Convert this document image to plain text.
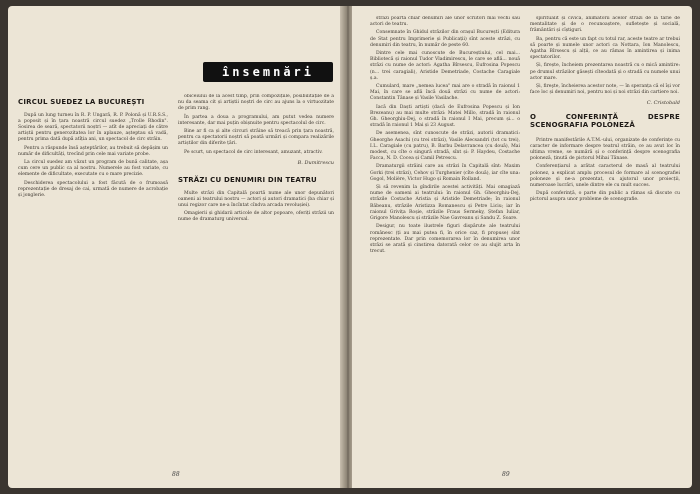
însemnări
CIRCUL SUEDEZ LA BUCUREȘTI

După un lung turneu în R. P. Ungară, R. P. Polonă și U.R.S.S., a poposit și în țara noastră circul suedez „Trolle Rhodin". Sosirea de seară, spectatorii noștri — atît de apreciați de către artiștii pentru generozitatea lor în aplauze, așteptau să vadă, pentru prima dată după atîția ani, un spectacol de circ străin.

Pentru a răspunde însă așteptărilor, au trebuit să depășim un număr de dificultăți, trecînd prin cele mai variate probe.

La circul suedez am văzut un program de bună calitate, așa cum cere un public ca al nostru. Numerele au fost variate, cu elemente de dificultate, executate cu o mare precizie.

Deschiderea spectacolului a fost făcută de o frumoasă reprezentație de dresaj de cai, urmată de numere de acrobație și jonglerie.

obiceiului de la acest timp, prin compozițiile, posibilitățile de a nu da seama cit și artiștii noștri de circ au ajuns la o virtuozitate de prim rang.

În partea a doua a programului, am putut vedea numere interesante, dar mai puțin obișnuite pentru spectacolul de circ.

Bine ar fi ca și alte circuri străine să treacă prin țara noastră, pentru ca spectatorii noștri să poată urmări și compara realizările artiștilor din diferite țări.

Pe scurt, un spectacol de circ interesant, amuzant, atractiv.

B. Dumitrescu
STRĂZI CU DENUMIRI DIN TEATRU

Multe străzi din Capitală poartă nume ale unor depunători oameni ai teatrului nostru — actori și autori dramatici (ba chiar și unui regizor care ne-a încîntat cîndva arcada revolușiei).

Omagierii și ghidarii articole de altor popoare, oferiți străzii un nume de dramaturg universal.

88

străzi poartă chiar denumiri ale unor scriitori mai vechi sau actori de teatru.

Consemnate în Ghidul străzilor din orașul București (Editura de Stat pentru Imprimerie și Publicații) sînt aceste străzi, cu denumiri din teatru, în număr de peste 60.

Dintre cele mai cunoscute de Bucureștiului, cel mai... Bibliotecă și raionul Tudor Vladimirescu, le care se află... nouă străzi cu nume de actori: Agatha Bîrsescu, Eufrosina Popescu (n... trei caragiali), Aristide Demetriade, Costache Caragiale ș.a.

Cumulard, mare „nemea lucea" mai are o stradă în raionul 1 Mai, în care se află încă două străzi cu nume de actori: Constantin Tănase și Vasile Vasilache.

Iacă din Daști artiști (dacă de Eufrosina Popescu și Ion Brezeanu) au mai multe străzi: Matei Millo, stradă în raionul Gh. Gheorghiu-Dej, o stradă în raionul I Mai, precum și... o stradă în raionul 1 Mai și 23 August.

De asemenea, sînt cunoscute de străzi, autorii dramatici: Gheorghe Asachi (cu trei străzi), Vasile Alecsandri (tot cu trei), I.L. Caragiale (cu patru), B. Barbu Delavrancea (cu două), Mai modest, cu cîte o singură stradă, sînt și: P. Haydeu, Costache Facca, N. D. Cocea și Camil Petrescu.

Dramaturgii străini care au străzi în Capitală sînt: Maxim Gorki (trei străzi), Cehov și Turghenier (cîte două), iar cîte una: Gogol, Molière, Victor Hugo și Romain Rolland.

Și să revenim la gîndirile acestei activități. Mai omagiază nume de oameni ai teatrului: în raionul Gh. Gheorghiu-Dej, străzile Costache Aristia și Aristide Demetriade; în raionul Băbeanu, străzile Aristizza Romanescu și Petre Liciu; iar în raionul Grivița Roșie, străzile Fraus Sermeky, Ștefan Iuliar, Grigore Manolescu și străzile Nae Gavreanu și Sandu Z. Soare.

Desigur, nu toate ilustrele figuri dispărute ale teatrului românesc (ți au mai putea fi, în orice caz, fi propuse) sînt reprezentate. Dar prin comemorarea lor în denumirea unor străzi se arată și cinstirea datorată celor ce au slujit arta în trecut.

spiritualit și civică, animatorii acelor străzi de la tărie de mentalitate și de o recunoaștere, sufletește și socială, frământări și cîștiguri.

Ba, pentru că este un fapt cu totul rar, aceste teatre ar trebui să poarte și numele unor actori ca Nottara, Ion Manolescu, Agatha Bîrsescu și alții, ce au rămas în amintirea și inima spectatorilor.

Și, firește, încheiem prezentarea noastră cu o mică amintire: pe drumul străzilor găsești cîteodată și o stradă cu numele unui actor mare.

Și, fireşte, încheierea acestor note, — în speranța că el își vor face loc și denumiri noi, pentru noi și noi străzi din cartiere noi.

C. Cristobald
O CONFERINȚĂ DESPRE SCENOGRAFIA POLONEZĂ

Printre manifestările A.T.M.-ului, organizate de conferințe cu caracter de informare despre teatrul străin, ce au avut loc în ultima vreme, se numără și o conferință despre scenografia poloneză, ținută de pictorul Mihai Tănase.

Conferențiarul a arătat caracterul de masă al teatrului polonez, a explicat amplu procesul de formare al scenografiei poloneze și ne-a prezentat, cu ajutorul unor proiecții, numeroase lucrări, unele dintre ele cu mult succes.

După conferință, o parte din public a rămas să discute cu pictorul asupra unor probleme de scenografie.

89
